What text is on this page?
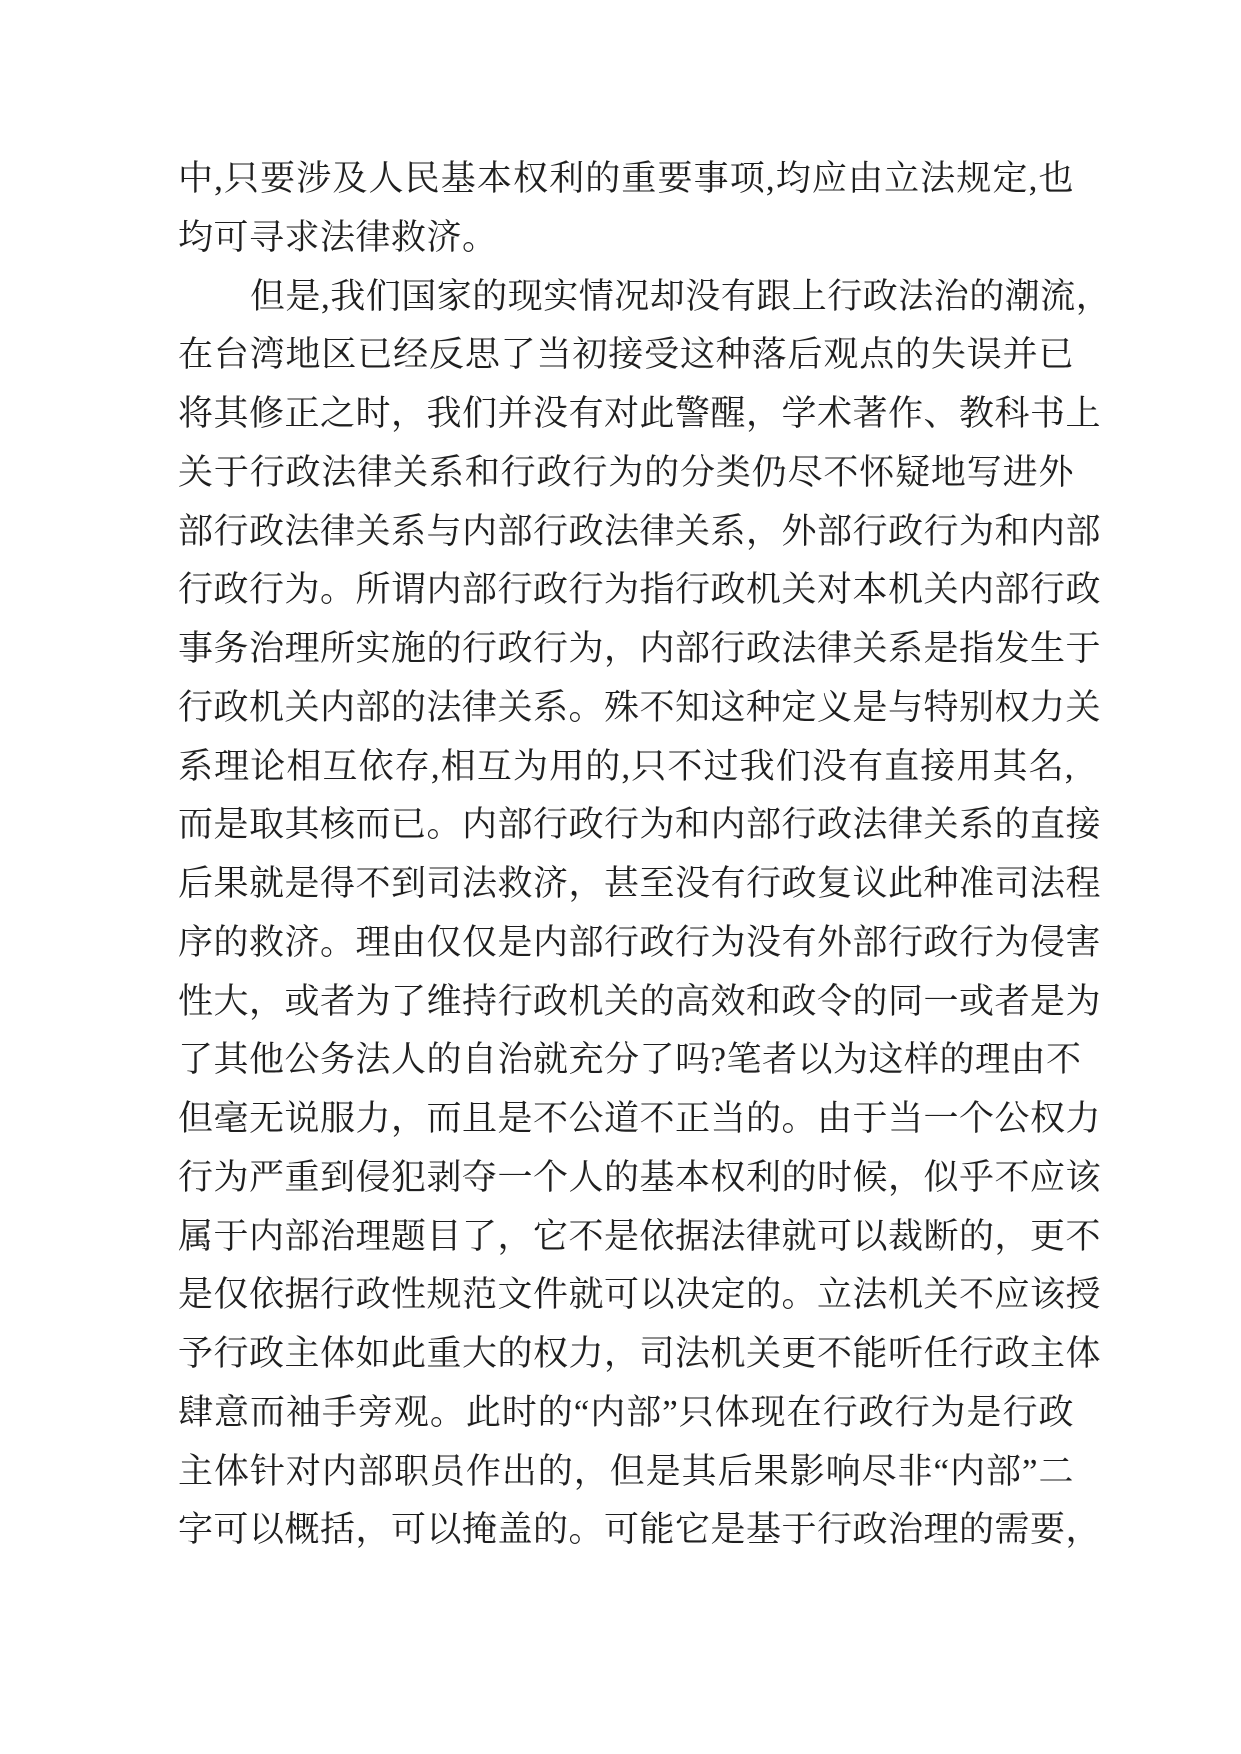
中,只要涉及人民基本权利的重要事项,均应由立法规定,也
均可寻求法律救济。
但是,我们国家的现实情况却没有跟上行政法治的潮流，
在台湾地区已经反思了当初接受这种落后观点的失误并已
将其修正之时，我们并没有对此警醒，学术著作、教科书上
关于行政法律关系和行政行为的分类仍尽不怀疑地写进外
部行政法律关系与内部行政法律关系，外部行政行为和内部
行政行为。所谓内部行政行为指行政机关对本机关内部行政
事务治理所实施的行政行为，内部行政法律关系是指发生于
行政机关内部的法律关系。殊不知这种定义是与特别权力关
系理论相互依存,相互为用的,只不过我们没有直接用其名,
而是取其核而已。内部行政行为和内部行政法律关系的直接
后果就是得不到司法救济，甚至没有行政复议此种准司法程
序的救济。理由仅仅是内部行政行为没有外部行政行为侵害
性大，或者为了维持行政机关的高效和政令的同一或者是为
了其他公务法人的自治就充分了吗?笔者以为这样的理由不
但毫无说服力，而且是不公道不正当的。由于当一个公权力
行为严重到侵犯剥夺一个人的基本权利的时候，似乎不应该
属于内部治理题目了，它不是依据法律就可以裁断的，更不
是仅依据行政性规范文件就可以决定的。立法机关不应该授
予行政主体如此重大的权力，司法机关更不能听任行政主体
肆意而袖手旁观。此时的“内部”只体现在行政行为是行政
主体针对内部职员作出的，但是其后果影响尽非“内部”二
字可以概括，可以掩盖的。可能它是基于行政治理的需要，
